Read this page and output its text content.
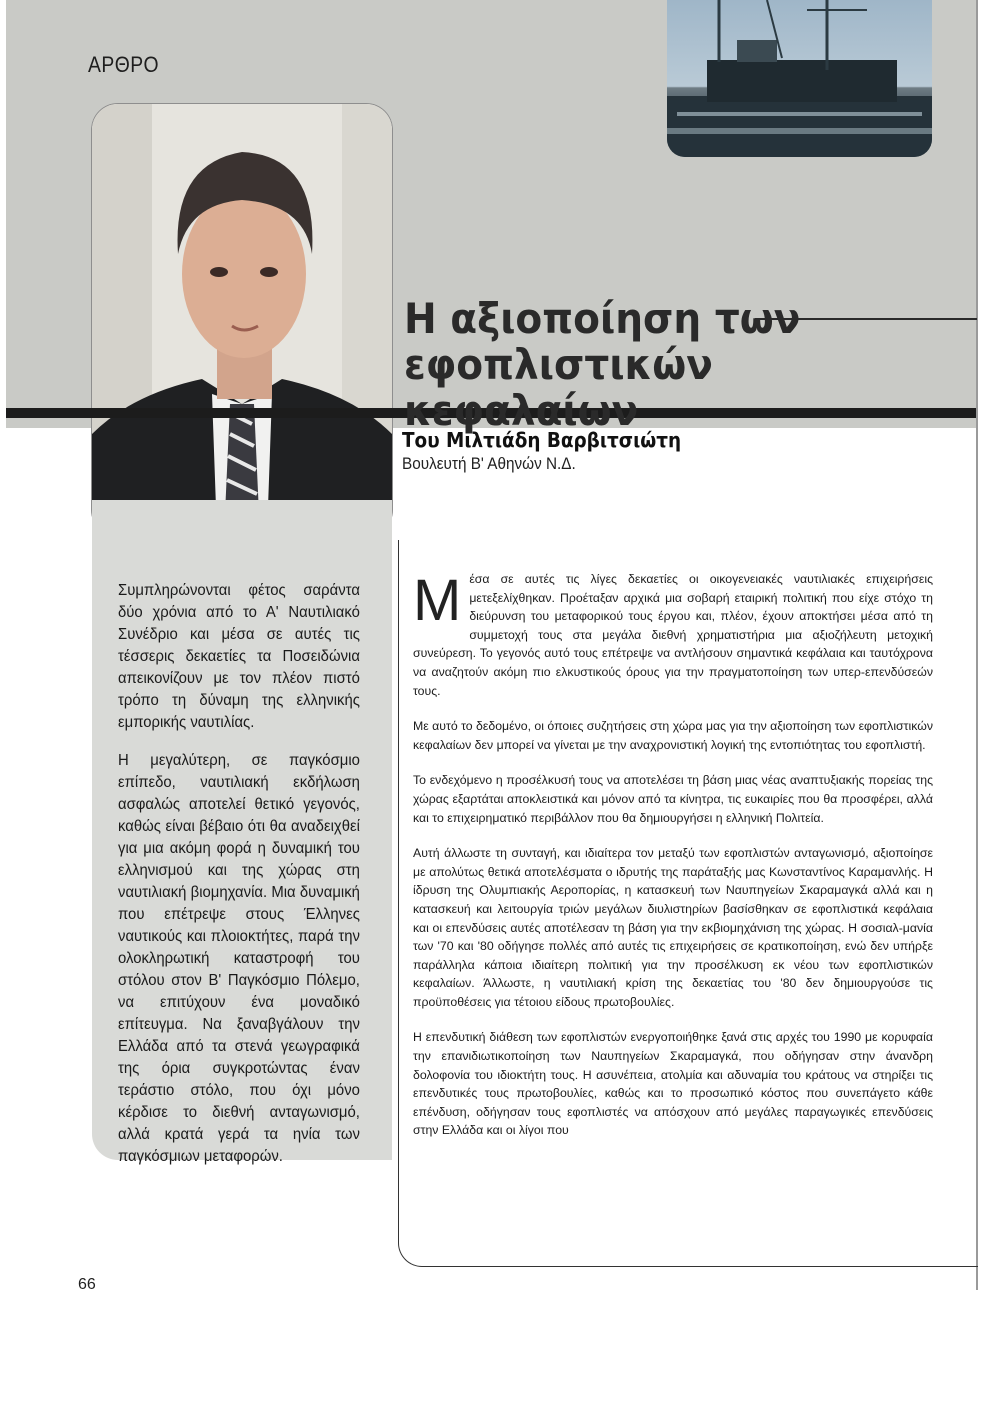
ΑΡΘΡΟ
Η αξιοποίηση των
εφοπλιστικών κεφαλαίων
Του Μιλτιάδη Βαρβιτσιώτη
Βουλευτή Β' Αθηνών Ν.Δ.

Συμπληρώνονται φέτος σαράντα δύο χρόνια από το Α' Ναυτιλιακό Συνέδριο και μέσα σε αυτές τις τέσσερις δεκαετίες τα Ποσειδώνια απεικονίζουν με τον πλέον πιστό τρόπο τη δύναμη της ελληνικής εμπορικής ναυτιλίας.

Η μεγαλύτερη, σε παγκόσμιο επίπεδο, ναυτιλιακή εκδήλωση ασφαλώς αποτελεί θετικό γεγονός, καθώς είναι βέβαιο ότι θα αναδειχθεί για μια ακόμη φορά η δυναμική του ελληνισμού και της χώρας στη ναυτιλιακή βιομηχανία. Μια δυναμική που επέτρεψε στους Έλληνες ναυτικούς και πλοιοκτήτες, παρά την ολοκληρωτική καταστροφή του στόλου στον Β' Παγκόσμιο Πόλεμο, να επιτύχουν ένα μοναδικό επίτευγμα. Να ξαναβγάλουν την Ελλάδα από τα στενά γεωγραφικά της όρια συγκροτώντας έναν τεράστιο στόλο, που όχι μόνο κέρδισε το διεθνή ανταγωνισμό, αλλά κρατά γερά τα ηνία των παγκόσμιων μεταφορών.

Μέσα σε αυτές τις λίγες δεκαετίες οι οικογενειακές ναυτιλιακές επιχειρήσεις μετεξελίχθηκαν. Προέταξαν αρχικά μια σοβαρή εταιρική πολιτική που είχε στόχο τη διεύρυνση του μεταφορικού τους έργου και, πλέον, έχουν αποκτήσει μέσα από τη συμμετοχή τους στα μεγάλα διεθνή χρηματιστήρια μια αξιοζήλευτη μετοχική συνεύρεση. Το γεγονός αυτό τους επέτρεψε να αντλήσουν σημαντικά κεφάλαια και ταυτόχρονα να αναζητούν ακόμη πιο ελκυστικούς όρους για την πραγματοποίηση των υπερ-επενδύσεών τους.

Με αυτό το δεδομένο, οι όποιες συζητήσεις στη χώρα μας για την αξιοποίηση των εφοπλιστικών κεφαλαίων δεν μπορεί να γίνεται με την αναχρονιστική λογική της εντοπιότητας του εφοπλιστή.

Το ενδεχόμενο η προσέλκυσή τους να αποτελέσει τη βάση μιας νέας αναπτυξιακής πορείας της χώρας εξαρτάται αποκλειστικά και μόνον από τα κίνητρα, τις ευκαιρίες που θα προσφέρει, αλλά και το επιχειρηματικό περιβάλλον που θα δημιουργήσει η ελληνική Πολιτεία.

Αυτή άλλωστε τη συνταγή, και ιδιαίτερα τον μεταξύ των εφοπλιστών ανταγωνισμό, αξιοποίησε με απολύτως θετικά αποτελέσματα ο ιδρυτής της παράταξής μας Κωνσταντίνος Καραμανλής. Η ίδρυση της Ολυμπιακής Αεροπορίας, η κατασκευή των Ναυπηγείων Σκαραμαγκά αλλά και η κατασκευή και λειτουργία τριών μεγάλων διυλιστηρίων βασίσθηκαν σε εφοπλιστικά κεφάλαια και οι επενδύσεις αυτές αποτέλεσαν τη βάση για την εκβιομηχάνιση της χώρας. Η σοσιαλ-μανία των '70 και '80 οδήγησε πολλές από αυτές τις επιχειρήσεις σε κρατικοποίηση, ενώ δεν υπήρξε παράλληλα κάποια ιδιαίτερη πολιτική για την προσέλκυση εκ νέου των εφοπλιστικών κεφαλαίων. Άλλωστε, η ναυτιλιακή κρίση της δεκαετίας του '80 δεν δημιουργούσε τις προϋποθέσεις για τέτοιου είδους πρωτοβουλίες.

Η επενδυτική διάθεση των εφοπλιστών ενεργοποιήθηκε ξανά στις αρχές του 1990 με κορυφαία την επανιδιωτικοποίηση των Ναυπηγείων Σκαραμαγκά, που οδήγησαν στην άνανδρη δολοφονία του ιδιοκτήτη τους. Η ασυνέπεια, ατολμία και αδυναμία του κράτους να στηρίξει τις επενδυτικές τους πρωτοβουλίες, καθώς και το προσωπικό κόστος που συνεπάγετο κάθε επένδυση, οδήγησαν τους εφοπλιστές να απόσχουν από μεγάλες παραγωγικές επενδύσεις στην Ελλάδα και οι λίγοι που

66
